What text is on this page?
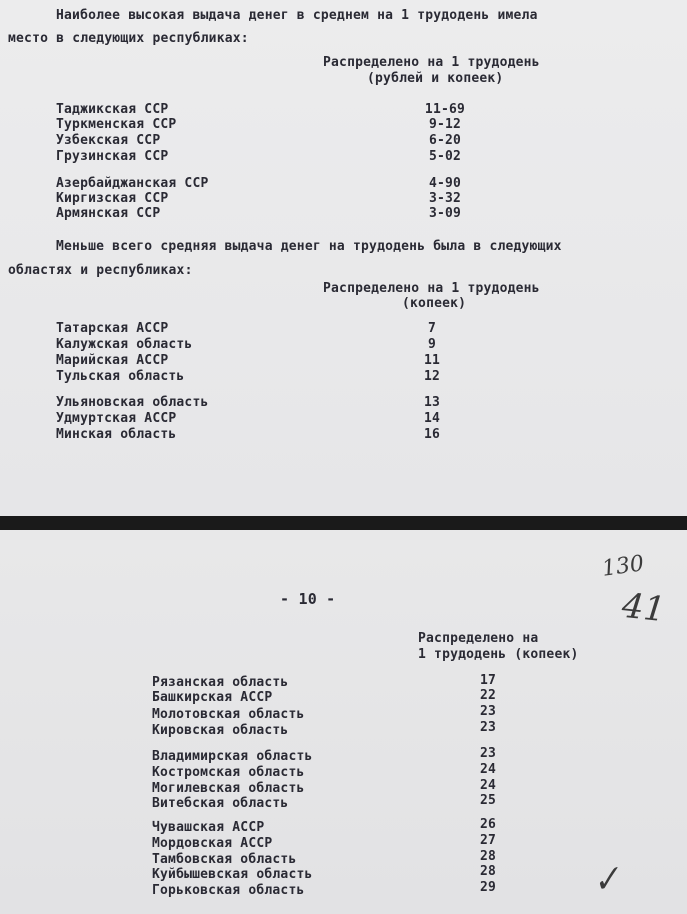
Наиболее высокая выдача денег в среднем на 1 трудодень имела
место в следующих республиках:
Распределено на 1 трудодень
(рублей и копеек)
Таджикская ССР	11-69
Туркменская ССР	9-12
Узбекская ССР	6-20
Грузинская ССР	5-02
Азербайджанская ССР	4-90
Киргизская ССР	3-32
Армянская ССР	3-09
Меньше всего средняя выдача денег на трудодень была в следующих
областях и республиках:
Распределено на 1 трудодень
(копеек)
Татарская АССР	7
Калужская область	9
Марийская АССР	11
Тульская область	12
Ульяновская область	13
Удмуртская АССР	14
Минская область	16
- 10 -
130
41
Распределено на
1 трудодень (копеек)
Рязанская область	17
Башкирская АССР	22
Молотовская область	23
Кировская область	23
Владимирская область	23
Костромская область	24
Могилевская область	24
Витебская область	25
Чувашская АССР	26
Мордовская АССР	27
Тамбовская область	28
Куйбышевская область	28
Горьковская область	29	✓
